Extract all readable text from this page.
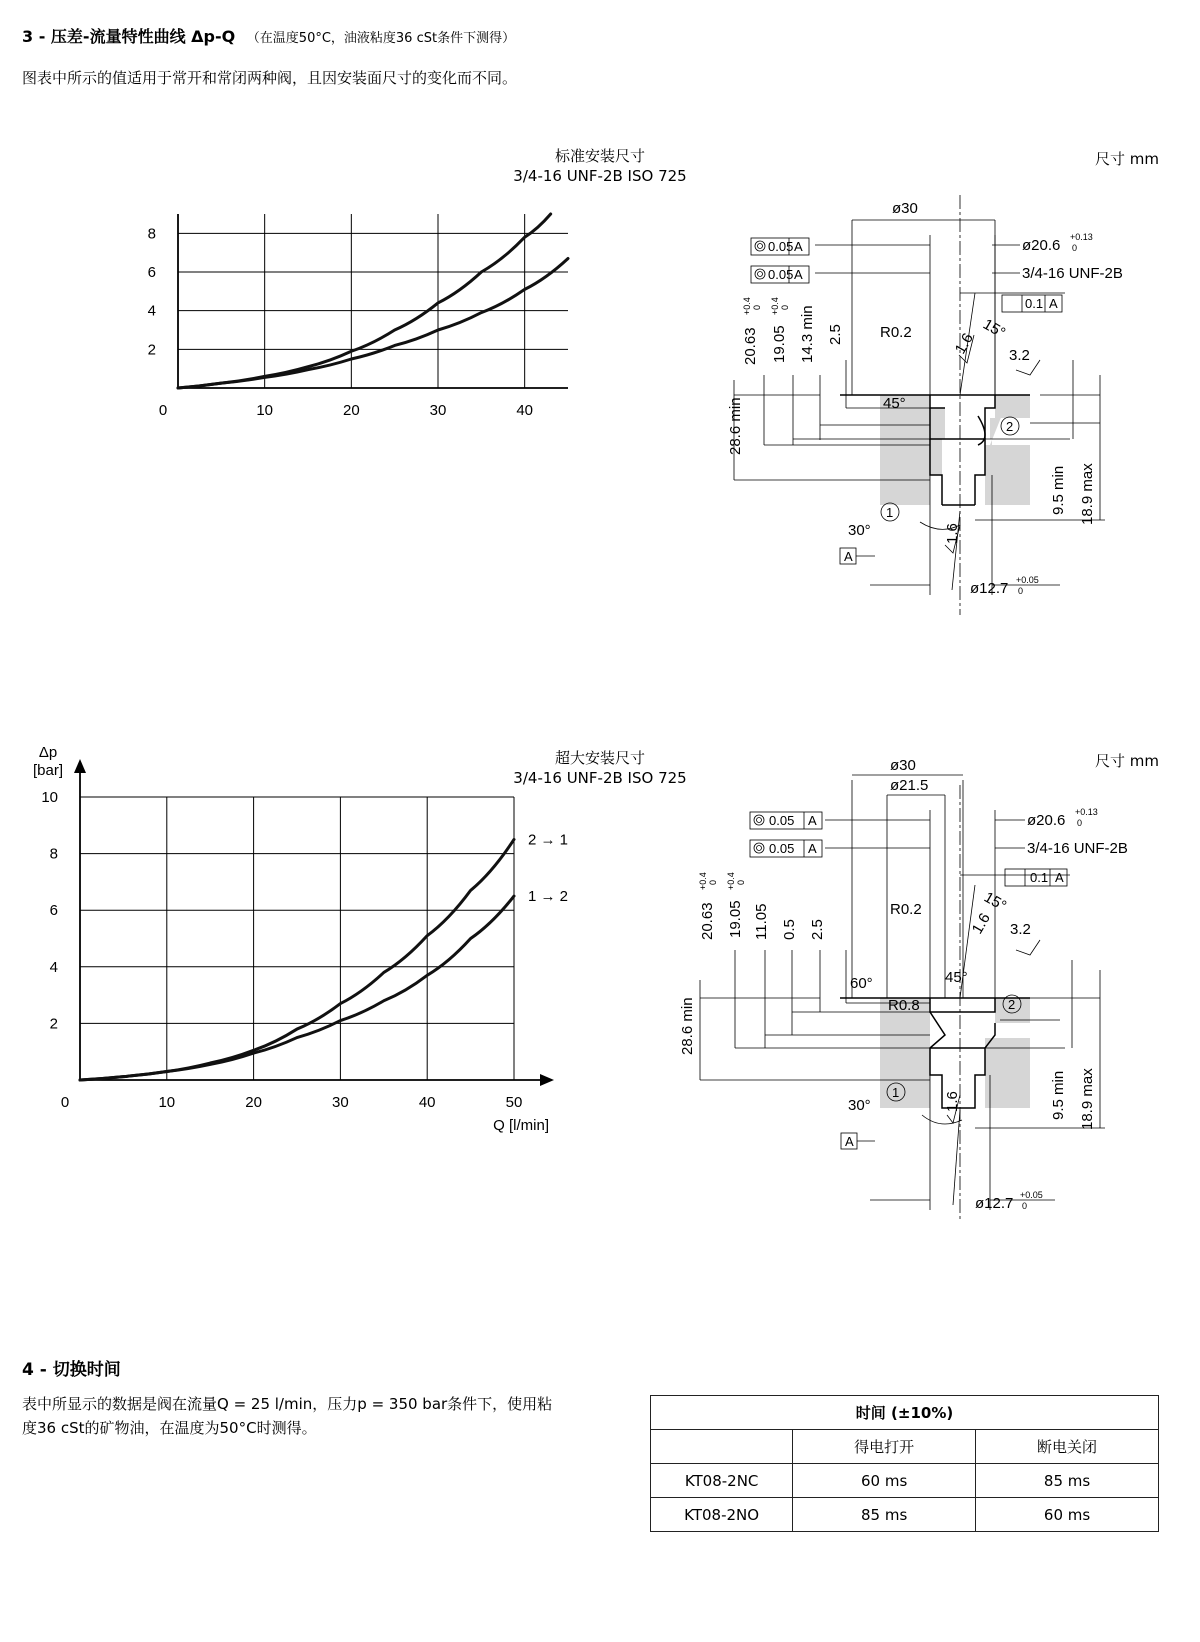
3 - 压差-流量特性曲线 Δp-Q （在温度50°C，油液粘度36 cSt条件下测得）
图表中所示的值适用于常开和常闭两种阀，且因安装面尺寸的变化而不同。
标准安装尺寸
3/4-16 UNF-2B ISO 725
尺寸 mm
10	20	30	40
2
4
6
8
0
超大安装尺寸
3/4-16 UNF-2B ISO 725
尺寸 mm
10	20	30	40	50
2
4
6
8
10
0
2 → 1
1 → 2
Q [l/min]
Δp
[bar]
ø30
0.05 A
0.05 A
ø20.6 +0.13
0
3/4-16 UNF-2B
0.1 A
R0.2	15°
1.6 3.2
45°
2
1
30°
A
1.6
ø12.7 +0.05
0
28.6 min
20.63
+0.4 0
19.05
+0.4 0 14.3 min 2.5
9.5 min 18.9 max
ø30
ø21.5
0.05 A
0.05 A
ø20.6 +0.13
0
3/4-16 UNF-2B
0.1 A
R0.2	15°
1.6 3.2
60°	45°
R0.8	2
1
30°
A
1.6
ø12.7 +0.05
0
28.6 min
20.63
+0.4 0
19.05
+0.4 0
11.05 0.5 2.5
9.5 min 18.9 max
4 - 切换时间
表中所显示的数据是阀在流量Q = 25 l/min，压力p = 350 bar条件下，使用粘度36 cSt的矿物油，在温度为50°C时测得。
时间 (±10%)		
	得电打开	断电关闭
KT08-2NC	60 ms	85 ms
KT08-2NO	85 ms	60 ms
